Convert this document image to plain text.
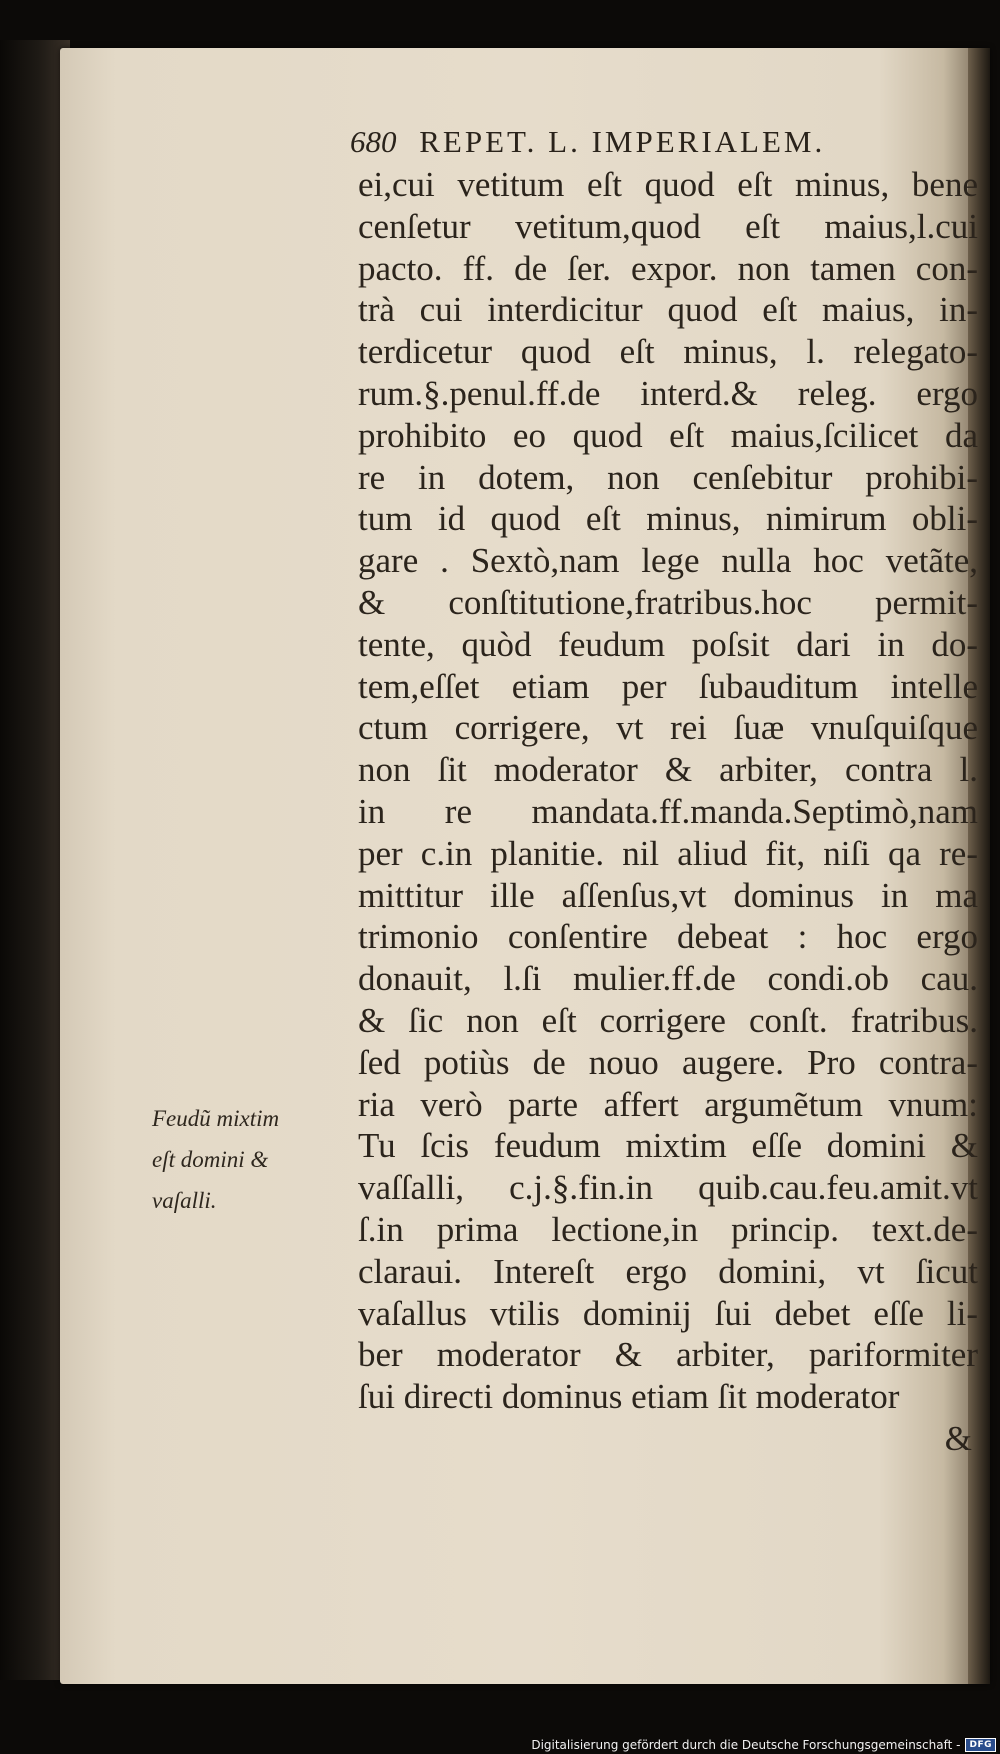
680 REPET. L. IMPERIALEM.
ei,cui vetitum eſt quod eſt minus, bene
cenſetur vetitum,quod eſt maius,l.cui
pacto. ff. de ſer. expor. non tamen con-
trà cui interdicitur quod eſt maius, in-
terdicetur quod eſt minus, l. relegato-
rum.§.penul.ff.de interd.& releg. ergo
prohibito eo quod eſt maius,ſcilicet da
re in dotem, non cenſebitur prohibi-
tum id quod eſt minus, nimirum obli-
gare . Sextò,nam lege nulla hoc vetãte,
& conſtitutione,fratribus.hoc permit-
tente, quòd feudum poſsit dari in do-
tem,eſſet etiam per ſubauditum intelle
ctum corrigere, vt rei ſuæ vnuſquiſque
non ſit moderator & arbiter, contra l.
in re mandata.ff.manda.Septimò,nam
per c.in planitie. nil aliud fit, niſi qa re-
mittitur ille aſſenſus,vt dominus in ma
trimonio conſentire debeat : hoc ergo
donauit, l.ſi mulier.ff.de condi.ob cau.
& ſic non eſt corrigere conſt. fratribus.
ſed potiùs de nouo augere. Pro contra-
ria verò parte affert argumẽtum vnum:
Tu ſcis feudum mixtim eſſe domini &
vaſſalli, c.j.§.fin.in quib.cau.feu.amit.vt
ſ.in prima lectione,in princip. text.de-
claraui. Intereſt ergo domini, vt ſicut
vaſallus vtilis dominij ſui debet eſſe li-
ber moderator & arbiter, pariformiter
ſui directi dominus etiam ſit moderator
&
Feudũ mixtim
eſt domini &
vaſalli.
Digitalisierung gefördert durch die Deutsche Forschungsgemeinschaft -	DFG
